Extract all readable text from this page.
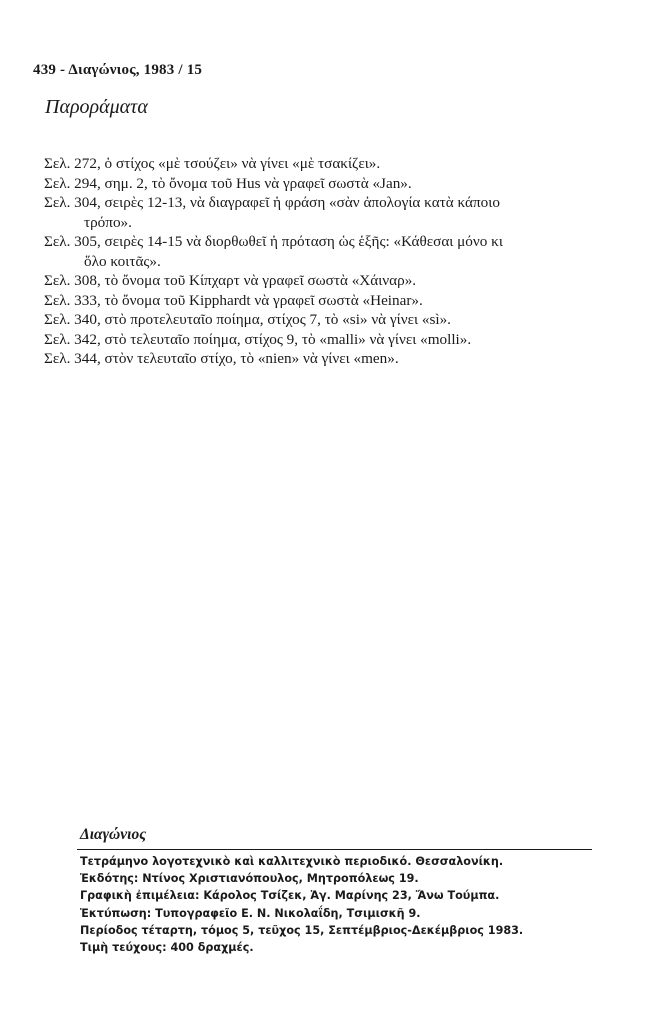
439 - Διαγώνιος, 1983 / 15
Παροράματα

Σελ. 272, ὁ στίχος «μὲ τσούζει» νὰ γίνει «μὲ τσακίζει».

Σελ. 294, σημ. 2, τὸ ὄνομα τοῦ Hus νὰ γραφεῖ σωστὰ «Jan».

Σελ. 304, σειρὲς 12-13, νὰ διαγραφεῖ ἡ φράση «σὰν ἀπολογία κατὰ κάποιο
τρόπο».

Σελ. 305, σειρὲς 14-15 νὰ διορθωθεῖ ἡ πρόταση ὡς ἑξῆς: «Κάθεσαι μόνο κι
ὅλο κοιτᾶς».

Σελ. 308, τὸ ὄνομα τοῦ Κίπχαρτ νὰ γραφεῖ σωστὰ «Χάιναρ».

Σελ. 333, τὸ ὄνομα τοῦ Kipphardt νὰ γραφεῖ σωστὰ «Heinar».

Σελ. 340, στὸ προτελευταῖο ποίημα, στίχος 7, τὸ «si» νὰ γίνει «sì».

Σελ. 342, στὸ τελευταῖο ποίημα, στίχος 9, τὸ «malli» νὰ γίνει «molli».

Σελ. 344, στὸν τελευταῖο στίχο, τὸ «nien» νὰ γίνει «men».

Διαγώνιος
Τετράμηνο λογοτεχνικὸ καὶ καλλιτεχνικὸ περιοδικό. Θεσσαλονίκη.
Ἐκδότης: Ντίνος Χριστιανόπουλος, Μητροπόλεως 19.
Γραφικὴ ἐπιμέλεια: Κάρολος Τσίζεκ, Ἁγ. Μαρίνης 23, Ἄνω Τούμπα.
Ἐκτύπωση: Τυπογραφεῖο Ε. Ν. Νικολαΐδη, Τσιμισκῆ 9.
Περίοδος τέταρτη, τόμος 5, τεῦχος 15, Σεπτέμβριος-Δεκέμβριος 1983.
Τιμὴ τεύχους: 400 δραχμές.
